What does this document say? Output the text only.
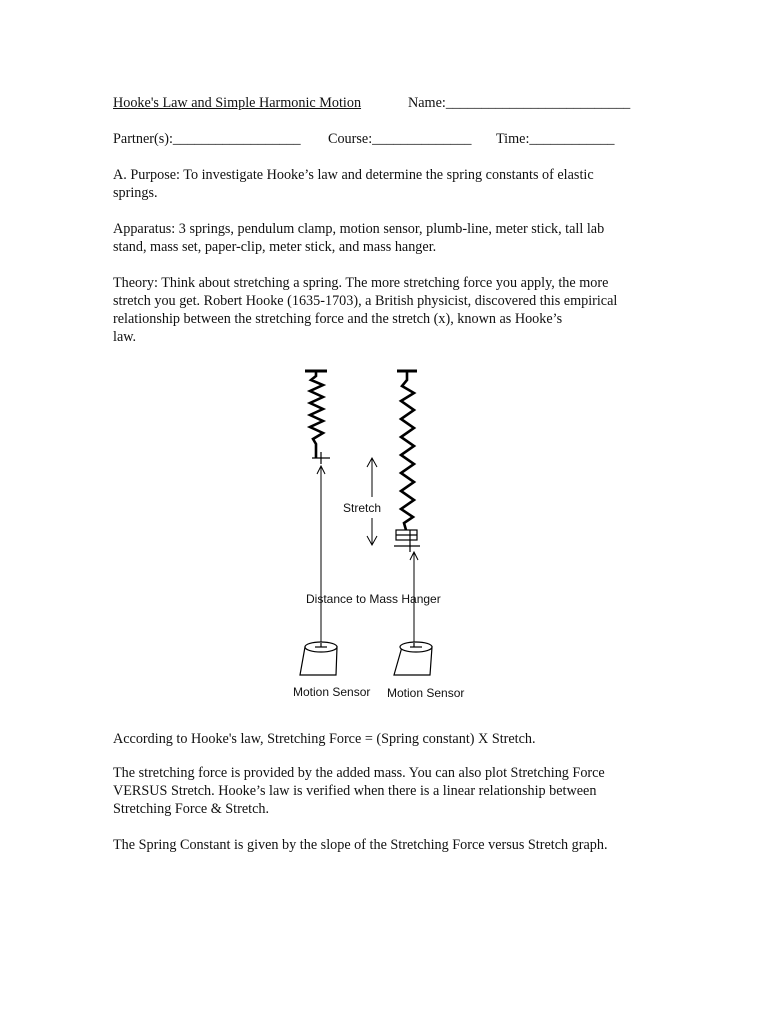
Hooke's Law and Simple Harmonic Motion	Name:__________________________
Partner(s):__________________ Course:______________ Time:____________

A. Purpose: To investigate Hooke’s law and determine the spring constants of elastic

springs.

Apparatus: 3 springs, pendulum clamp, motion sensor, plumb-line, meter stick, tall lab

stand, mass set, paper-clip, meter stick, and mass hanger.

Theory: Think about stretching a spring. The more stretching force you apply, the more

stretch you get. Robert Hooke (1635-1703), a British physicist, discovered this empirical

relationship between the stretching force and the stretch (x), known as Hooke’s

law.

Stretch
Distance to Mass Hanger
Motion Sensor Motion Sensor

According to Hooke's law, Stretching Force = (Spring constant) X Stretch.

The stretching force is provided by the added mass. You can also plot Stretching Force

VERSUS Stretch. Hooke’s law is verified when there is a linear relationship between

Stretching Force & Stretch.

The Spring Constant is given by the slope of the Stretching Force versus Stretch graph.
